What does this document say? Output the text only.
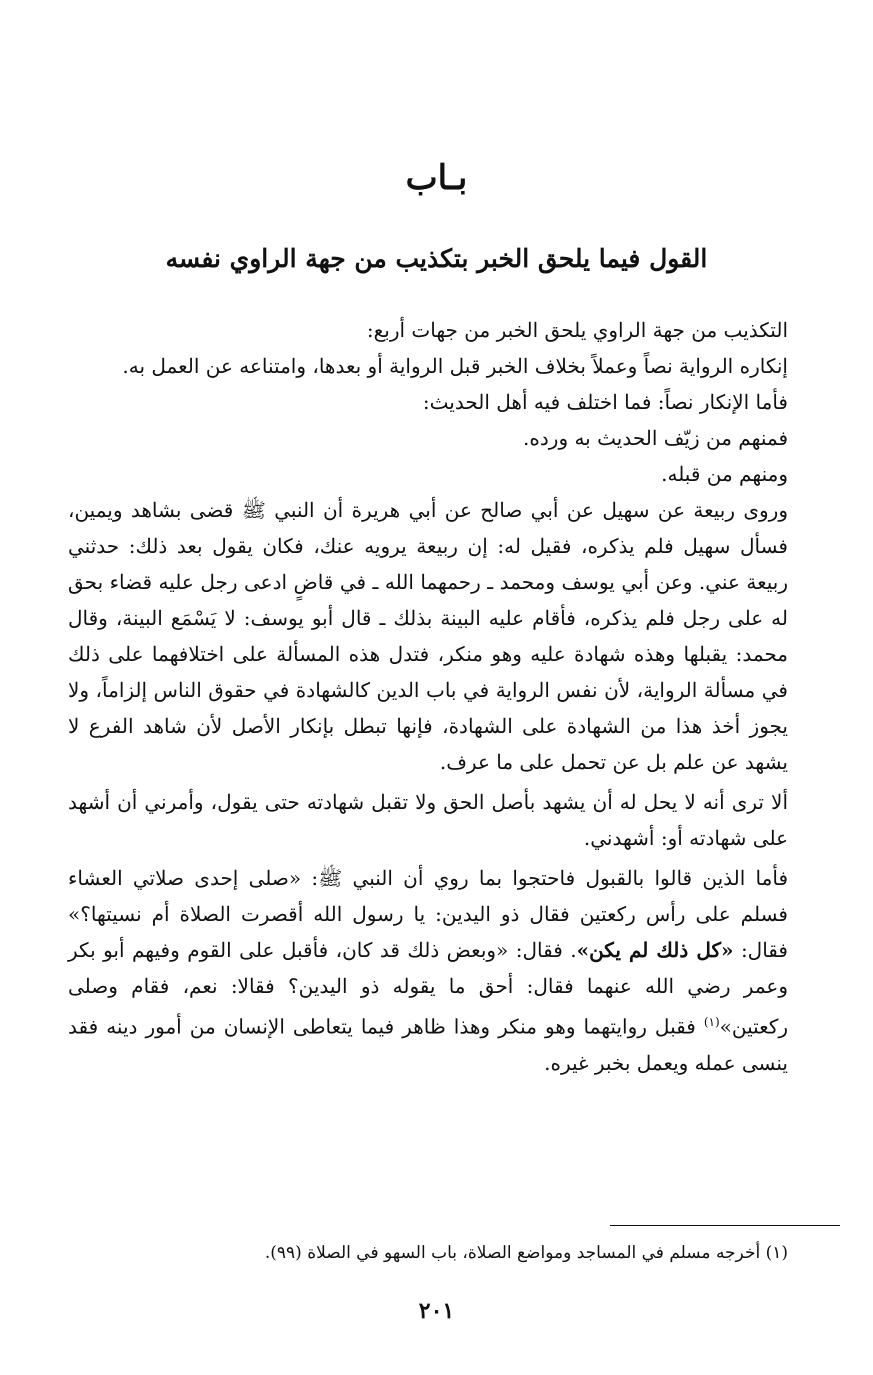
بـاب
القول فيما يلحق الخبر بتكذيب من جهة الراوي نفسه

التكذيب من جهة الراوي يلحق الخبر من جهات أربع:

إنكاره الرواية نصاً وعملاً بخلاف الخبر قبل الرواية أو بعدها، وامتناعه عن العمل به.

فأما الإنكار نصاً: فما اختلف فيه أهل الحديث:

فمنهم من زيّف الحديث به ورده.

ومنهم من قبله.

وروى ربيعة عن سهيل عن أبي صالح عن أبي هريرة أن النبي ﷺ قضى بشاهد ويمين، فسأل سهيل فلم يذكره، فقيل له: إن ربيعة يرويه عنك، فكان يقول بعد ذلك: حدثني ربيعة عني. وعن أبي يوسف ومحمد ـ رحمهما الله ـ في قاضٍ ادعى رجل عليه قضاء بحق له على رجل فلم يذكره، فأقام عليه البينة بذلك ـ قال أبو يوسف: لا يَسْمَع البينة، وقال محمد: يقبلها وهذه شهادة عليه وهو منكر، فتدل هذه المسألة على اختلافهما على ذلك في مسألة الرواية، لأن نفس الرواية في باب الدين كالشهادة في حقوق الناس إلزاماً، ولا يجوز أخذ هذا من الشهادة على الشهادة، فإنها تبطل بإنكار الأصل لأن شاهد الفرع لا يشهد عن علم بل عن تحمل على ما عرف.

ألا ترى أنه لا يحل له أن يشهد بأصل الحق ولا تقبل شهادته حتى يقول، وأمرني أن أشهد على شهادته أو: أشهدني.

فأما الذين قالوا بالقبول فاحتجوا بما روي أن النبي ﷺ: «صلى إحدى صلاتي العشاء فسلم على رأس ركعتين فقال ذو اليدين: يا رسول الله أقصرت الصلاة أم نسيتها؟» فقال: «كل ذلك لم يكن». فقال: «وبعض ذلك قد كان، فأقبل على القوم وفيهم أبو بكر وعمر رضي الله عنهما فقال: أحق ما يقوله ذو اليدين؟ فقالا: نعم، فقام وصلى ركعتين»$^{(١)}$ فقبل روايتهما وهو منكر وهذا ظاهر فيما يتعاطى الإنسان من أمور دينه فقد ينسى عمله ويعمل بخبر غيره.

(١) أخرجه مسلم في المساجد ومواضع الصلاة، باب السهو في الصلاة (٩٩).
٢٠١
